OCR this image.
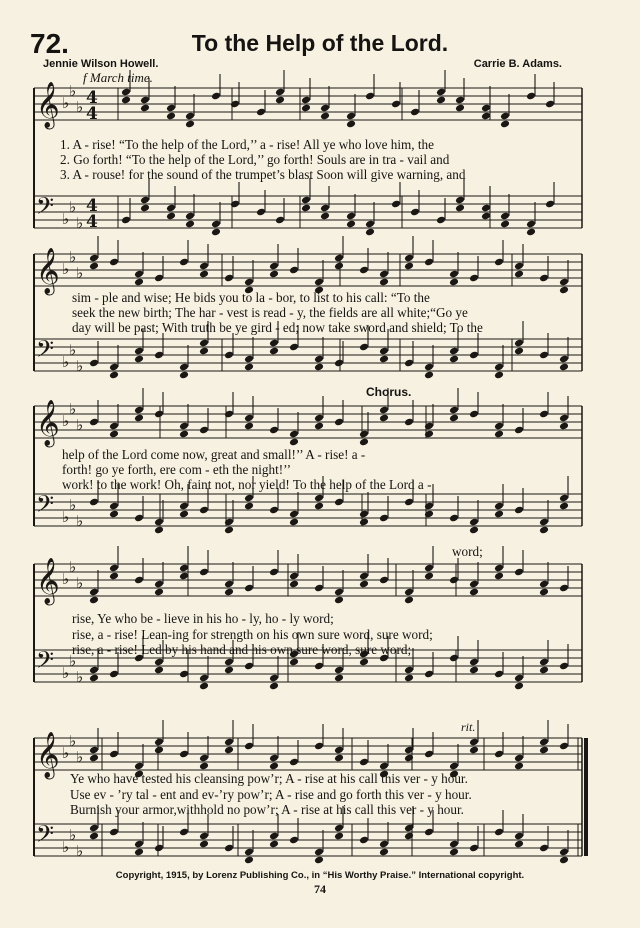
72.	To the Help of the Lord.
Jennie Wilson Howell.	Carrie B. Adams.
f March time.
Chorus.
rit.
𝄞 ♭
♭
♭
𝄢 ♭
♭
♭
𝄞 ♭
♭
♭
𝄢 ♭
♭
♭
𝄞 ♭
♭
♭
𝄢 ♭
♭
♭
𝄞 ♭
♭
♭
𝄢 ♭
♭
♭
𝄞 ♭
♭
♭
𝄢 ♭
♭
♭
4
4
4
4
1. A - rise! “To the help of the Lord,’’ a - rise! All ye who love him, the
2. Go forth! “To the help of the Lord,’’ go forth! Souls are in tra - vail and
3. A - rouse! for the sound of the trumpet’s blast Soon will give warning, and
sim - ple and wise; He bids you to la - bor, to list to his call: “To the
seek the new birth; The har - vest is read - y, the fields are all white;“Go ye
day will be past; With truth be ye gird - ed; now take sword and shield; To the
help of the Lord come now, great and small!’’ A - rise! a -
forth! go ye forth, ere com - eth the night!’’
work! to the work! Oh, faint not, nor yield! To the help of the Lord a -
word;
rise, Ye who be - lieve in his ho - ly, ho - ly word;
rise, a - rise! Lean-ing for strength on his own sure word, sure word;
rise, a - rise! Led by his hand and his own sure word, sure word;
Ye who have tested his cleansing pow’r; A - rise at his call this ver - y hour.
Use ev - ’ry tal - ent and ev-’ry pow’r; A - rise and go forth this ver - y hour.
Burnish your armor,withhold no pow’r; A - rise at his call this ver - y hour.
Copyright, 1915, by Lorenz Publishing Co., in “His Worthy Praise.” International copyright.
74
